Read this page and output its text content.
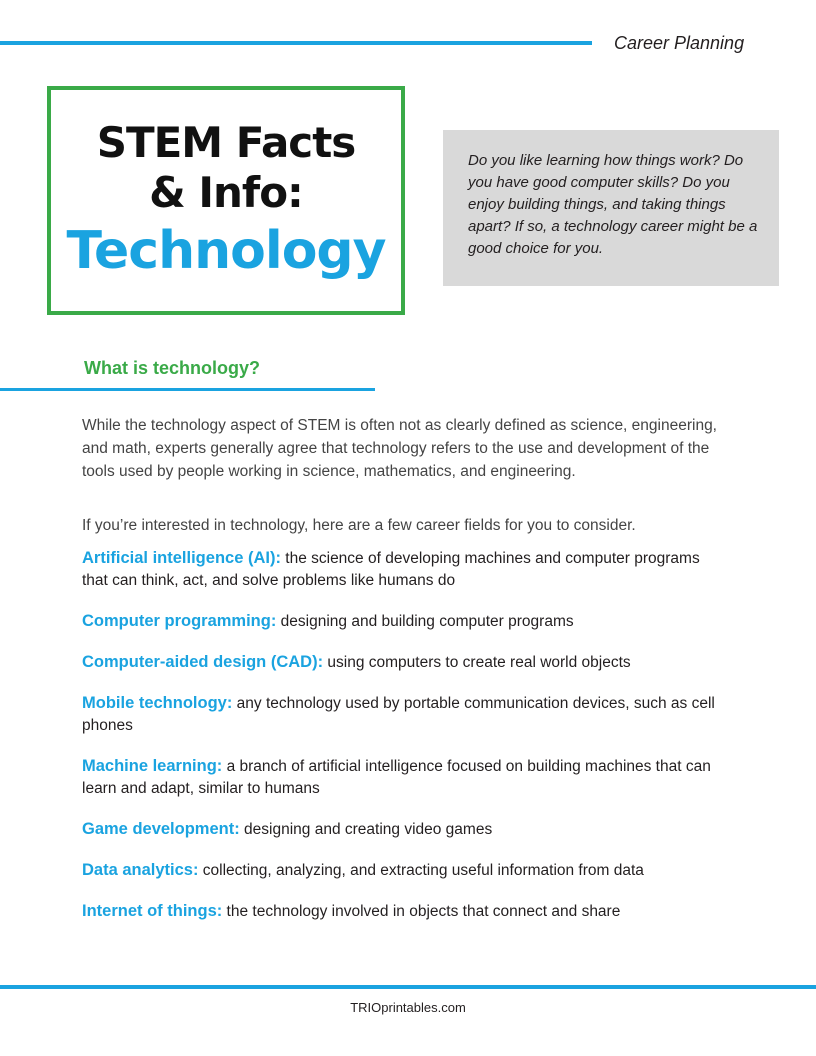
Career Planning
STEM Facts
& Info:
Technology
Do you like learning how things work? Do you have good computer skills? Do you enjoy building things, and taking things apart? If so, a technology career might be a good choice for you.
What is technology?
While the technology aspect of STEM is often not as clearly defined as science, engineering, and math, experts generally agree that technology refers to the use and development of the tools used by people working in science, mathematics, and engineering.
If you’re interested in technology, here are a few career fields for you to consider.
Artificial intelligence (AI): the science of developing machines and computer programs that can think, act, and solve problems like humans do
Computer programming: designing and building computer programs
Computer-aided design (CAD): using computers to create real world objects
Mobile technology: any technology used by portable communication devices, such as cell phones
Machine learning: a branch of artificial intelligence focused on building machines that can learn and adapt, similar to humans
Game development: designing and creating video games
Data analytics: collecting, analyzing, and extracting useful information from data
Internet of things: the technology involved in objects that connect and share
TRIOprintables.com
